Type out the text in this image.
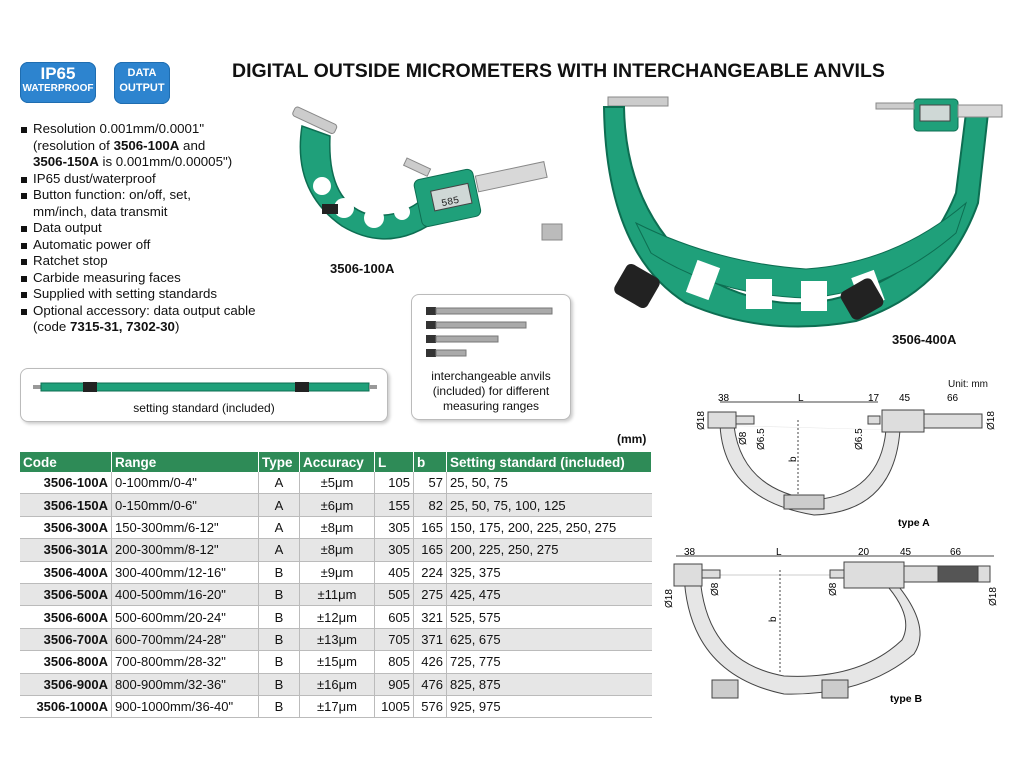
IP65
WATERPROOF
DATA
OUTPUT
DIGITAL OUTSIDE MICROMETERS WITH INTERCHANGEABLE ANVILS
Resolution 0.001mm/0.0001"
(resolution of 3506-100A and
3506-150A is 0.001mm/0.00005")
IP65 dust/waterproof
Button function: on/off, set,
mm/inch, data transmit
Data output
Automatic power off
Ratchet stop
Carbide measuring faces
Supplied with setting standards
Optional accessory: data output cable
(code 7315-31, 7302-30)
585
3506-100A
3506-400A
setting standard (included)
interchangeable anvils
(included) for different
measuring ranges
Unit: mm
38	L	17 45	66
Ø18
Ø8 Ø6.5	Ø6.5
Ø18
b
type A
38	L	20	45	66
Ø18	Ø8	Ø8	Ø18
b
type B
(mm)
Code	Range	Type	Accuracy	L	b	Setting standard (included)
3506-100A	0-100mm/0-4"	A	±5μm	105	57	25, 50, 75
3506-150A	0-150mm/0-6"	A	±6μm	155	82	25, 50, 75, 100, 125
3506-300A	150-300mm/6-12"	A	±8μm	305	165	150, 175, 200, 225, 250, 275
3506-301A	200-300mm/8-12"	A	±8μm	305	165	200, 225, 250, 275
3506-400A	300-400mm/12-16"	B	±9μm	405	224	325, 375
3506-500A	400-500mm/16-20"	B	±11μm	505	275	425, 475
3506-600A	500-600mm/20-24"	B	±12μm	605	321	525, 575
3506-700A	600-700mm/24-28"	B	±13μm	705	371	625, 675
3506-800A	700-800mm/28-32"	B	±15μm	805	426	725, 775
3506-900A	800-900mm/32-36"	B	±16μm	905	476	825, 875
3506-1000A	900-1000mm/36-40"	B	±17μm	1005	576	925, 975
